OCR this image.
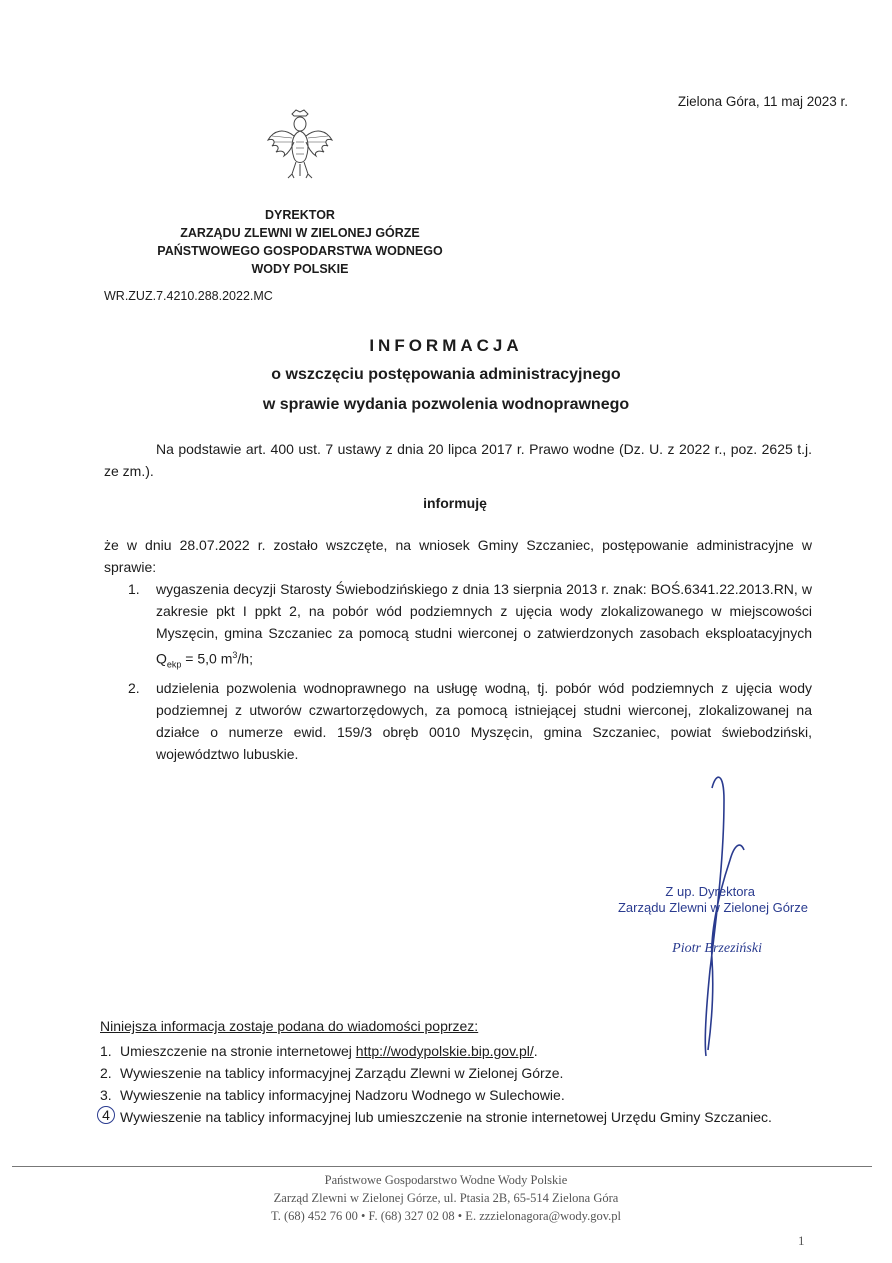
Zielona Góra, 11 maj 2023 r.
DYREKTOR
ZARZĄDU ZLEWNI W ZIELONEJ GÓRZE
PAŃSTWOWEGO GOSPODARSTWA WODNEGO
WODY POLSKIE
WR.ZUZ.7.4210.288.2022.MC
INFORMACJA
o wszczęciu postępowania administracyjnego
w sprawie wydania pozwolenia wodnoprawnego
Na podstawie art. 400 ust. 7 ustawy z dnia 20 lipca 2017 r. Prawo wodne (Dz. U. z 2022 r., poz. 2625 t.j. ze zm.).
informuję
że w dniu 28.07.2022 r. zostało wszczęte, na wniosek Gminy Szczaniec, postępowanie administracyjne w sprawie:
1. wygaszenia decyzji Starosty Świebodzińskiego z dnia 13 sierpnia 2013 r. znak: BOŚ.6341.22.2013.RN, w zakresie pkt I ppkt 2, na pobór wód podziemnych z ujęcia wody zlokalizowanego w miejscowości Myszęcin, gmina Szczaniec za pomocą studni wierconej o zatwierdzonych zasobach eksploatacyjnych $Q_{ekp} = 5,0$ $m^3/h$;
2. udzielenia pozwolenia wodnoprawnego na usługę wodną, tj. pobór wód podziemnych z ujęcia wody podziemnej z utworów czwartorzędowych, za pomocą istniejącej studni wierconej, zlokalizowanej na działce o numerze ewid. 159/3 obręb 0010 Myszęcin, gmina Szczaniec, powiat świebodziński, województwo lubuskie.
Z up. Dyrektora
Zarządu Zlewni w Zielonej Górze
Piotr Brzeziński
Niniejsza informacja zostaje podana do wiadomości poprzez:
1. Umieszczenie na stronie internetowej http://wodypolskie.bip.gov.pl/.
2. Wywieszenie na tablicy informacyjnej Zarządu Zlewni w Zielonej Górze.
3. Wywieszenie na tablicy informacyjnej Nadzoru Wodnego w Sulechowie.
4 Wywieszenie na tablicy informacyjnej lub umieszczenie na stronie internetowej Urzędu Gminy Szczaniec.
Państwowe Gospodarstwo Wodne Wody Polskie
Zarząd Zlewni w Zielonej Górze, ul. Ptasia 2B, 65-514 Zielona Góra
T. (68) 452 76 00 • F. (68) 327 02 08 • E. zzzielonagora@wody.gov.pl
1
